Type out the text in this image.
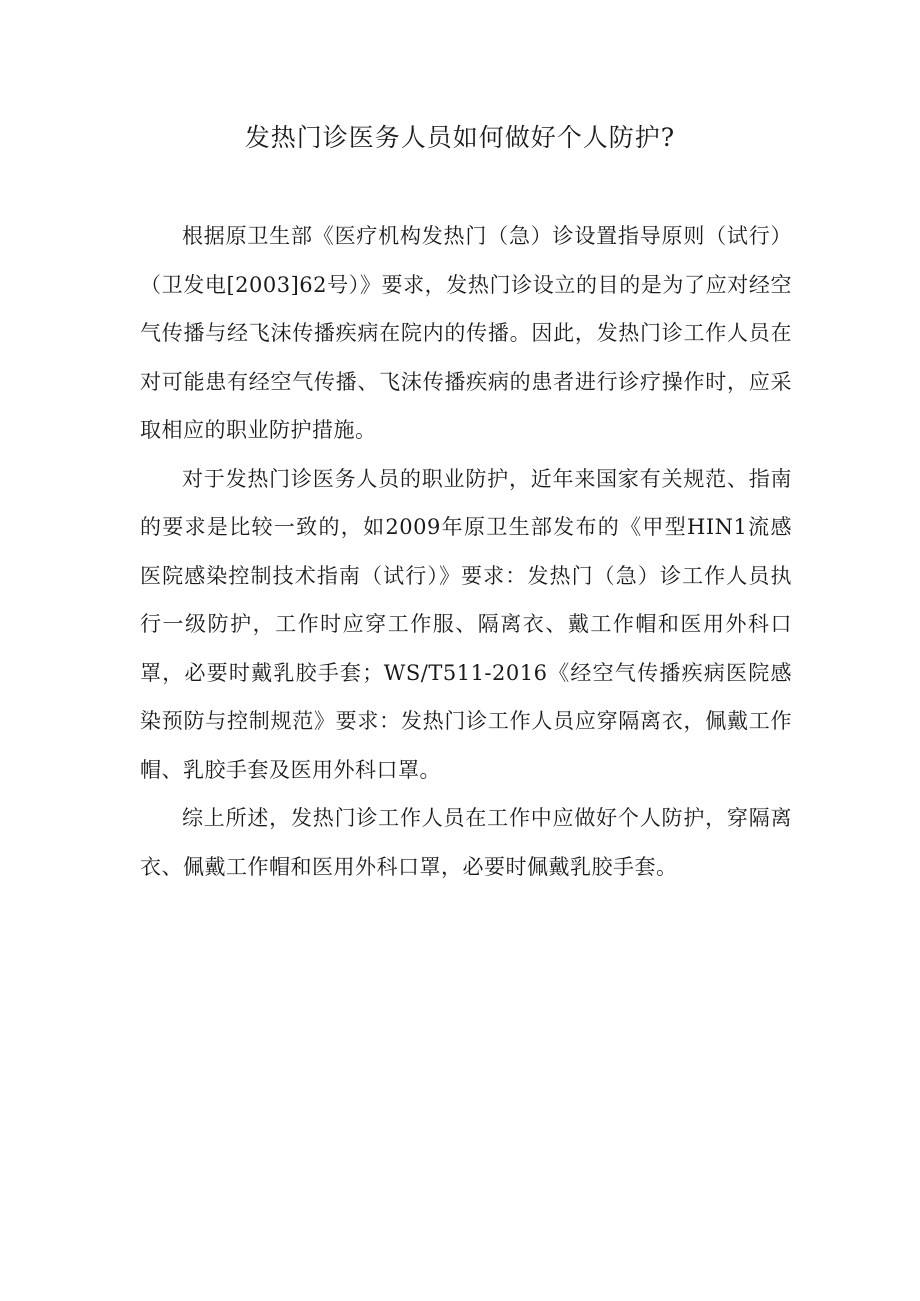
发热门诊医务人员如何做好个人防护?

根据原卫生部《医疗机构发热门（急）诊设置指导原则（试行）（卫发电[2003]62号）》要求，发热门诊设立的目的是为了应对经空气传播与经飞沫传播疾病在院内的传播。因此，发热门诊工作人员在对可能患有经空气传播、飞沫传播疾病的患者进行诊疗操作时，应采取相应的职业防护措施。

对于发热门诊医务人员的职业防护，近年来国家有关规范、指南的要求是比较一致的，如2009年原卫生部发布的《甲型HIN1流感医院感染控制技术指南（试行）》要求：发热门（急）诊工作人员执行一级防护，工作时应穿工作服、隔离衣、戴工作帽和医用外科口罩，必要时戴乳胶手套；WS/T511-2016《经空气传播疾病医院感染预防与控制规范》要求：发热门诊工作人员应穿隔离衣，佩戴工作帽、乳胶手套及医用外科口罩。

综上所述，发热门诊工作人员在工作中应做好个人防护，穿隔离衣、佩戴工作帽和医用外科口罩，必要时佩戴乳胶手套。
